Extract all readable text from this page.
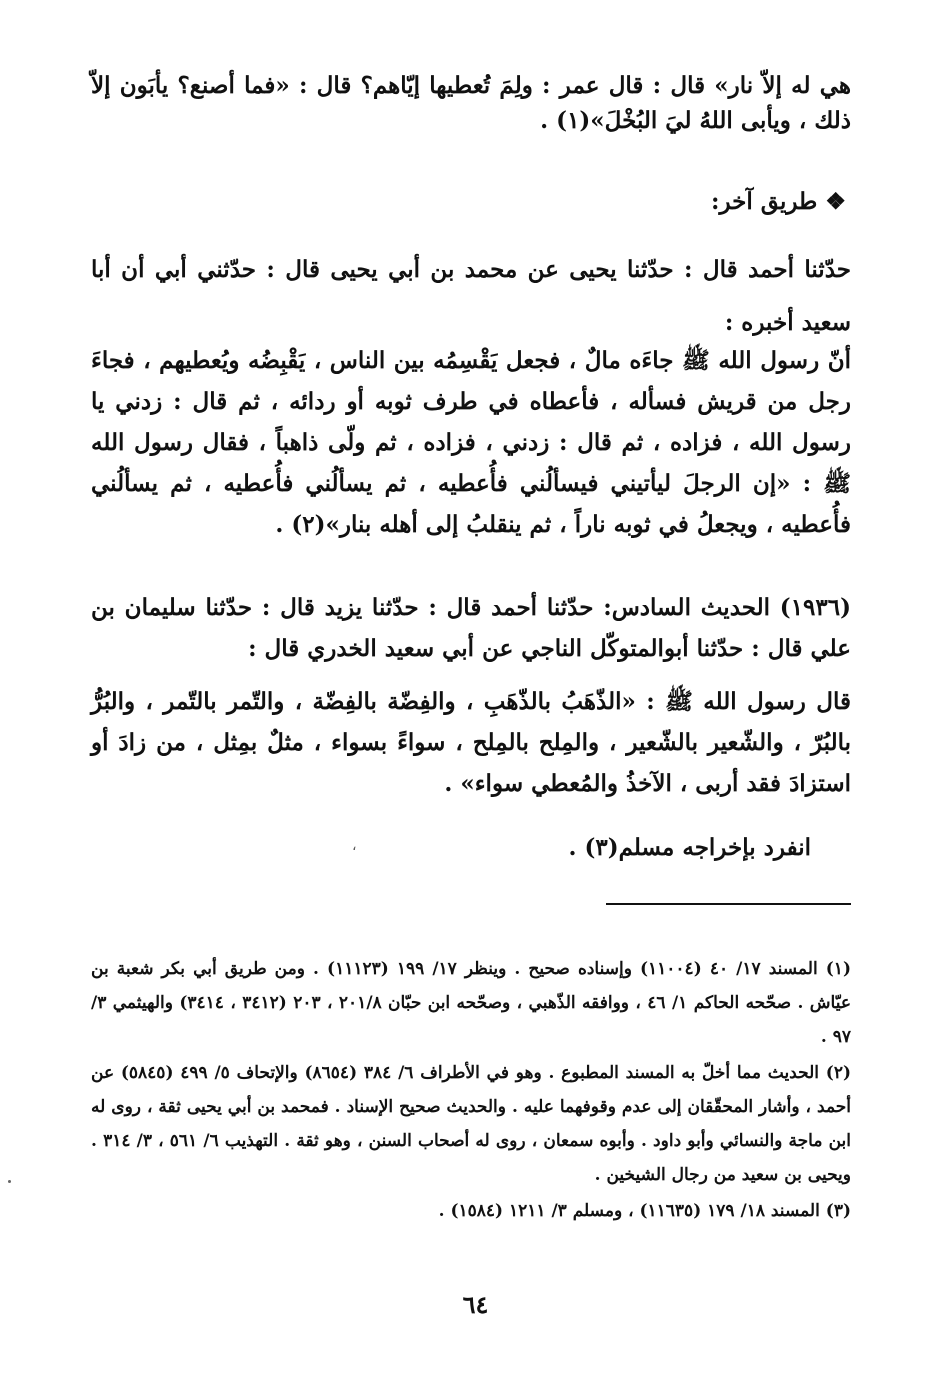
هي له إلاّ نار» قال : قال عمر : ولِمَ تُعطيها إيّاهم؟ قال : «فما أصنع؟ يأبَون إلاّ ذلك ، ويأبى اللهُ ليَ البُخْلَ»(١) .

❖ طريق آخر:

حدّثنا أحمد قال : حدّثنا يحيى عن محمد بن أبي يحيى قال : حدّثني أبي أن أبا سعيد أخبره :

أنّ رسول الله ﷺ جاءَه مالٌ ، فجعل يَقْسِمُه بين الناس ، يَقْبِضُه ويُعطيهم ، فجاءَ رجل من قريش فسأله ، فأعطاه في طرف ثوبه أو ردائه ، ثم قال : زدني يا رسول الله ، فزاده ، ثم قال : زدني ، فزاده ، ثم ولّى ذاهباً ، فقال رسول الله ﷺ : «إن الرجلَ ليأتيني فيسألُني فأُعطيه ، ثم يسألُني فأُعطيه ، ثم يسألُني فأُعطيه ، ويجعلُ في ثوبه ناراً ، ثم ينقلبُ إلى أهله بنار»(٢) .

(١٩٣٦) الحديث السادس: حدّثنا أحمد قال : حدّثنا يزيد قال : حدّثنا سليمان بن علي قال : حدّثنا أبوالمتوكّل الناجي عن أبي سعيد الخدري قال :

قال رسول الله ﷺ : «الذّهَبُ بالذّهَبِ ، والفِضّة بالفِضّة ، والتّمر بالتّمر ، والبُرُّ بالبُرّ ، والشّعير بالشّعير ، والمِلح بالمِلح ، سواءً بسواء ، مثلٌ بمِثل ، من زادَ أو استزادَ فقد أربى ، الآخذُ والمُعطي سواء» .

انفرد بإخراجه مسلم(٣) .

،

(١) المسند ١٧/ ٤٠ (١١٠٠٤) وإسناده صحيح . وينظر ١٧/ ١٩٩ (١١١٢٣) . ومن طريق أبي بكر شعبة بن عيّاش . صحّحه الحاكم ١/ ٤٦ ، ووافقه الذّهبي ، وصحّحه ابن حبّان ٢٠١/٨ ، ٢٠٣ (٣٤١٢ ، ٣٤١٤) والهيثمي ٣/ ٩٧ .

(٢) الحديث مما أخلّ به المسند المطبوع . وهو في الأطراف ٦/ ٣٨٤ (٨٦٥٤) والإتحاف ٥/ ٤٩٩ (٥٨٤٥) عن أحمد ، وأشار المحقّقان إلى عدم وقوفهما عليه . والحديث صحيح الإسناد . فمحمد بن أبي يحيى ثقة ، روى له ابن ماجة والنسائي وأبو داود . وأبوه سمعان ، روى له أصحاب السنن ، وهو ثقة . التهذيب ٦/ ٥٦١ ، ٣/ ٣١٤ . ويحيى بن سعيد من رجال الشيخين .

(٣) المسند ١٨/ ١٧٩ (١١٦٣٥) ، ومسلم ٣/ ١٢١١ (١٥٨٤) .

٦٤
